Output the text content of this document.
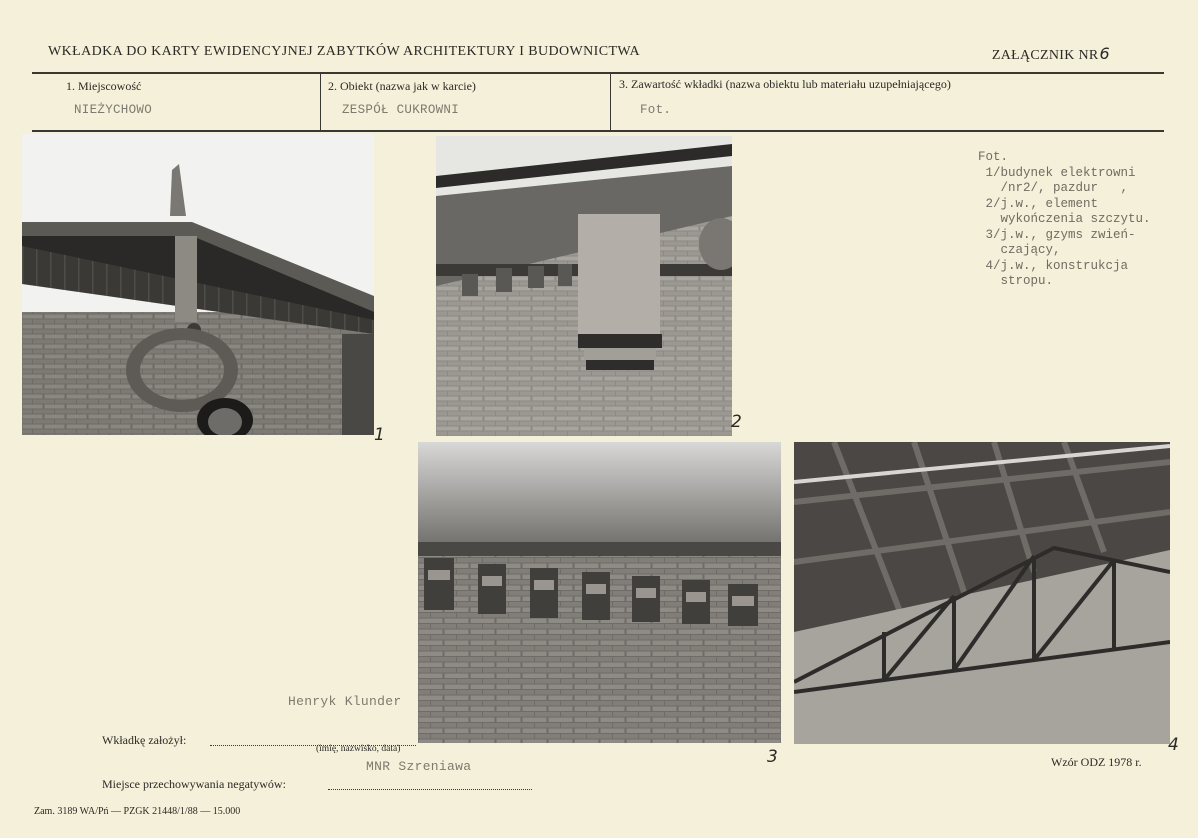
WKŁADKA DO KARTY EWIDENCYJNEJ ZABYTKÓW ARCHITEKTURY I BUDOWNICTWA	ZAŁĄCZNIK NR6
1. Miejscowość
NIEŻYCHOWO
2. Obiekt (nazwa jak w karcie)
ZESPÓŁ CUKROWNI
3. Zawartość wkładki (nazwa obiektu lub materiału uzupełniającego)
Fot.
1
2
3
4
Fot.
1/budynek elektrowni
/nr2/, pazdur   ,
2/j.w., element
wykończenia szczytu.
3/j.w., gzyms zwień-
czający,
4/j.w., konstrukcja
stropu.
Henryk Klunder
Wkładkę założył:
(imię, nazwisko, data)
MNR Szreniawa
Miejsce przechowywania negatywów:
Wzór ODZ 1978 r.
Zam. 3189 WA/Pń — PZGK 21448/1/88 — 15.000
